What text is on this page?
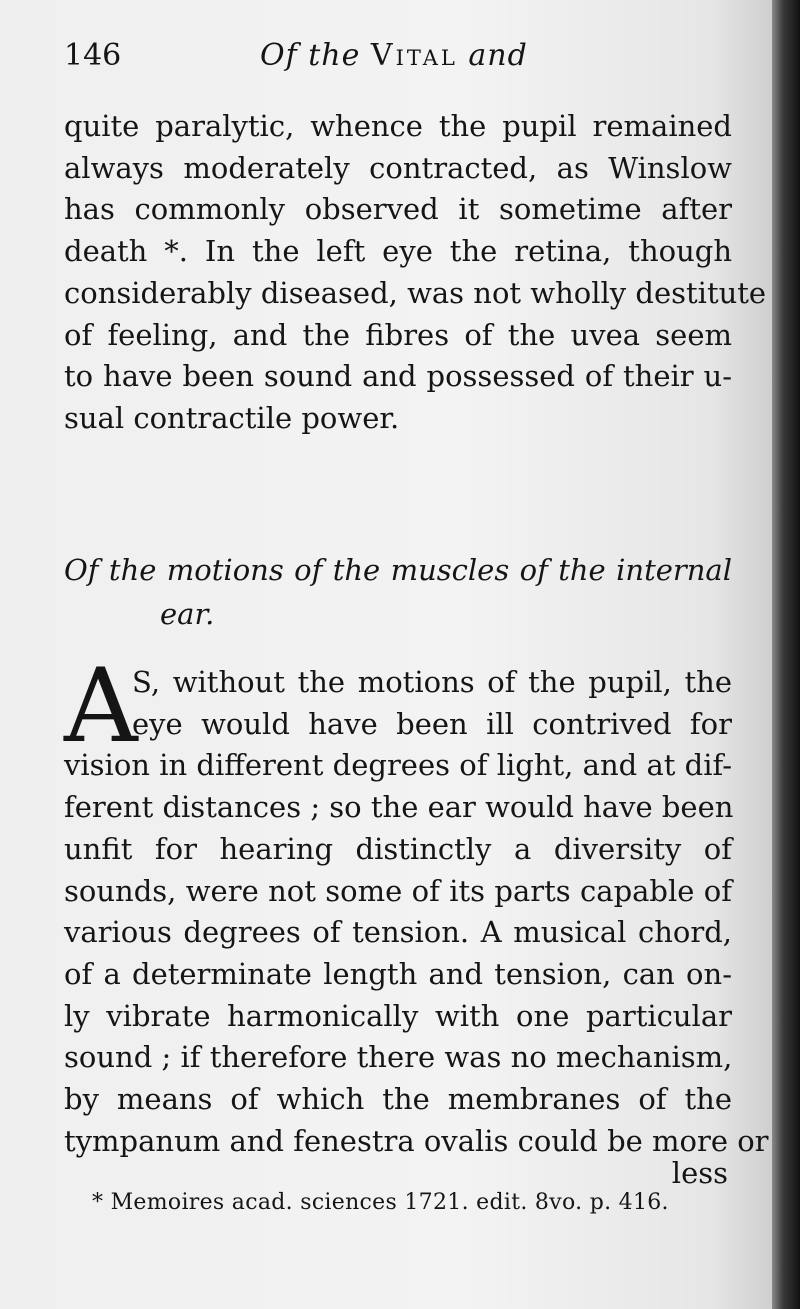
146	Of the Vital and
quite paralytic, whence the pupil remained
always moderately contracted, as Winslow
has commonly observed it sometime after
death *. In the left eye the retina, though
considerably diseased, was not wholly destitute
of feeling, and the fibres of the uvea seem
to have been sound and possessed of their u-
sual contractile power.
Of the motions of the muscles of the internal
ear.
A
S, without the motions of the pupil, the
eye would have been ill contrived for
vision in different degrees of light, and at dif-
ferent distances ; so the ear would have been
unfit for hearing distinctly a diversity of
sounds, were not some of its parts capable of
various degrees of tension. A musical chord,
of a determinate length and tension, can on-
ly vibrate harmonically with one particular
sound ; if therefore there was no mechanism,
by means of which the membranes of the
tympanum and fenestra ovalis could be more or
less
* Memoires acad. sciences 1721. edit. 8vo. p. 416.
